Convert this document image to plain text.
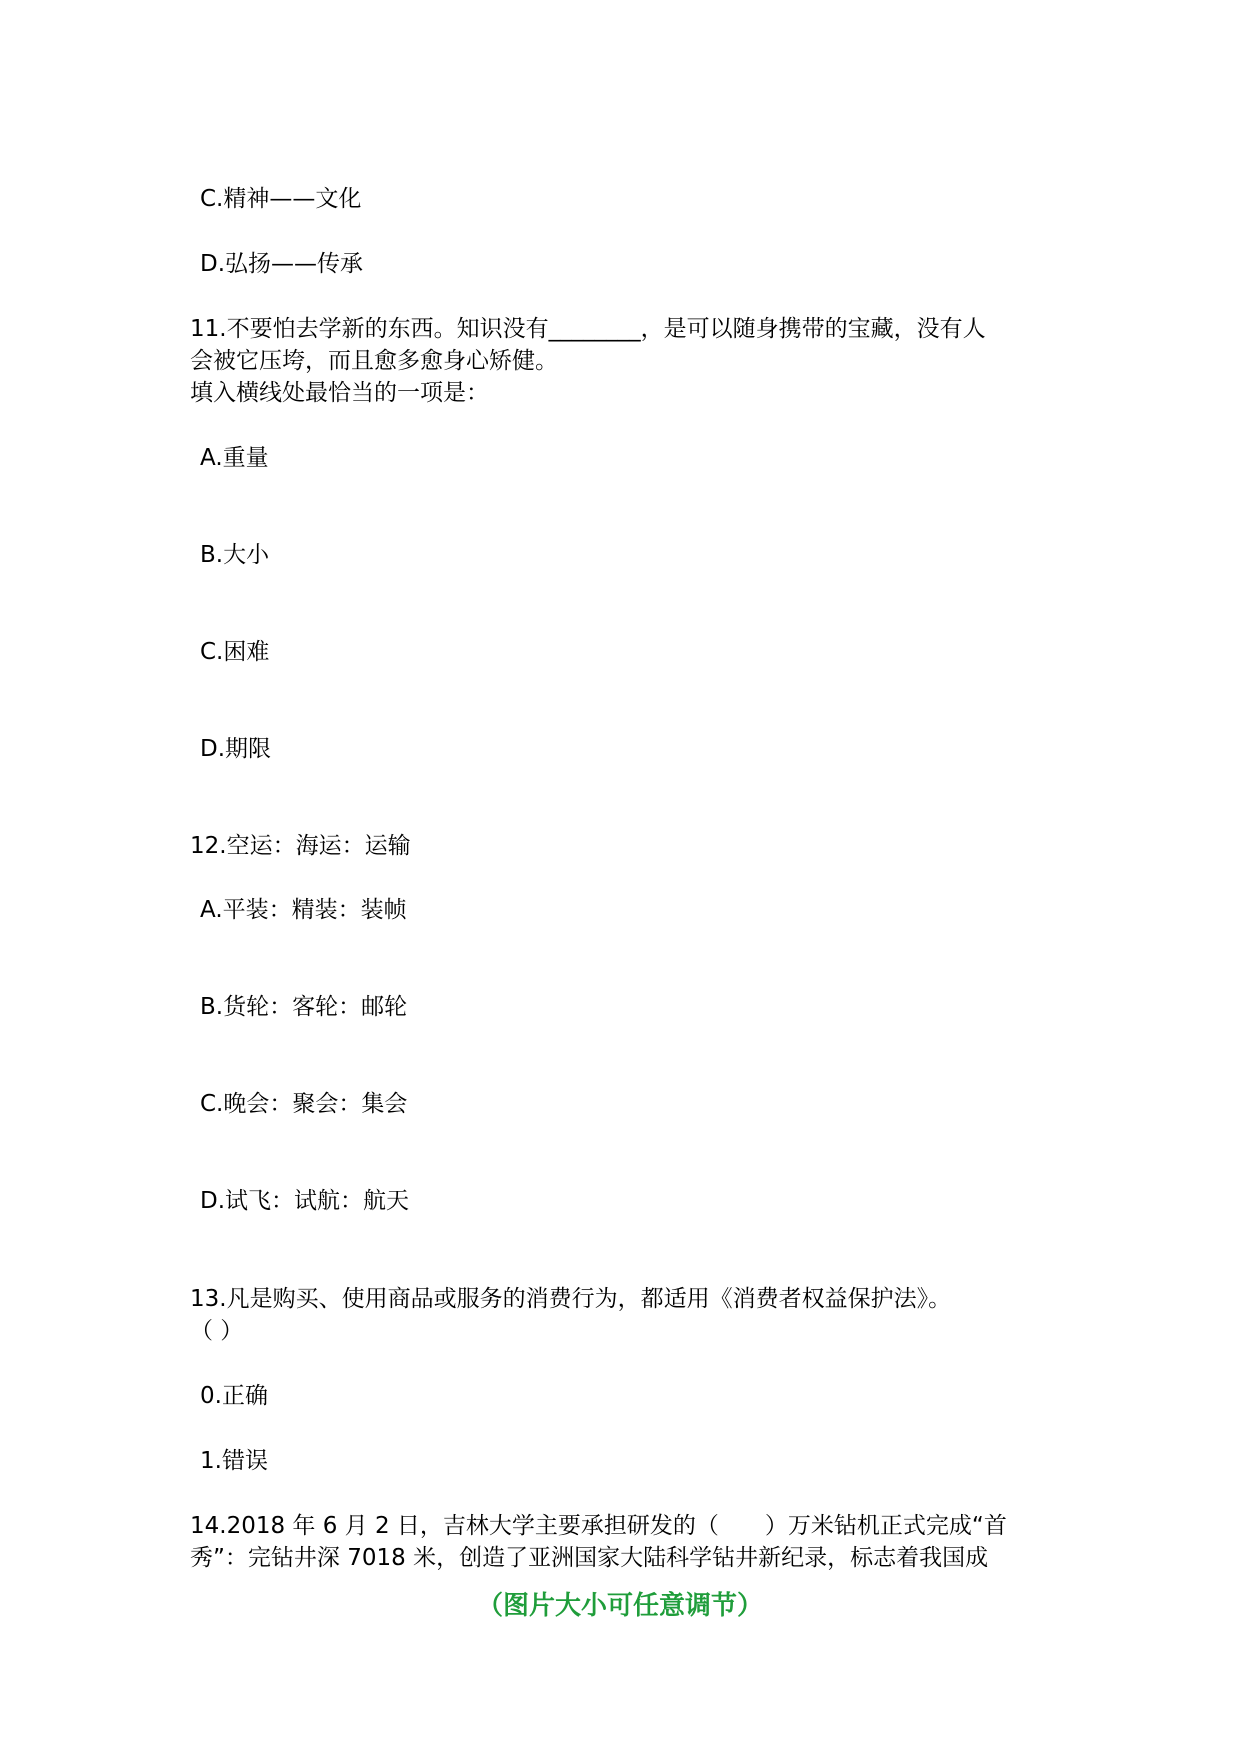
C.精神——文化
D.弘扬——传承
11.不要怕去学新的东西。知识没有________，是可以随身携带的宝藏，没有人
会被它压垮，而且愈多愈身心矫健。
填入横线处最恰当的一项是：
A.重量
B.大小
C.困难
D.期限
12.空运：海运：运输
A.平装：精装：装帧
B.货轮：客轮：邮轮
C.晚会：聚会：集会
D.试飞：试航：航天
13.凡是购买、使用商品或服务的消费行为，都适用《消费者权益保护法》。
（ ）
0.正确
1.错误
14.2018 年 6 月 2 日，吉林大学主要承担研发的（　　）万米钻机正式完成“首
秀”：完钻井深 7018 米，创造了亚洲国家大陆科学钻井新纪录，标志着我国成
（图片大小可任意调节）
